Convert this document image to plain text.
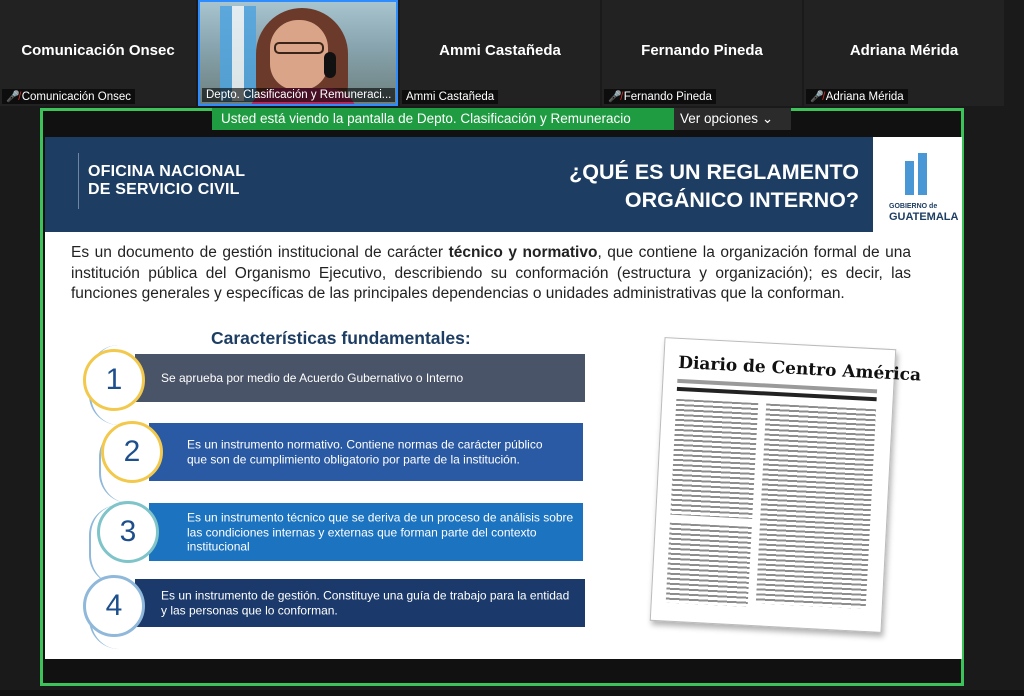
Comunicación Onsec
🎤̸ Comunicación Onsec	Depto. Clasificación y Remuneraci...
Ammi Castañeda
Ammi Castañeda
Fernando Pineda
🎤̸ Fernando Pineda
Adriana Mérida
🎤̸ Adriana Mérida
OFICINA NACIONAL
DE SERVICIO CIVIL
¿QUÉ ES UN REGLAMENTO
ORGÁNICO INTERNO?	GOBIERNO de
GUATEMALA
Es un documento de gestión institucional de carácter técnico y normativo, que contiene la organización formal de una institución pública del Organismo Ejecutivo, describiendo su conformación (estructura y organización); es decir, las funciones generales y específicas de las principales dependencias o unidades administrativas que la conforman.
Características fundamentales:
Se aprueba por medio de Acuerdo Gubernativo o Interno
1
Es un instrumento normativo. Contiene normas de carácter público que son de cumplimiento obligatorio por parte de la institución.
2
Es un instrumento técnico que se deriva de un proceso de análisis sobre las condiciones internas y externas que forman parte del contexto institucional
3
Es un instrumento de gestión. Constituye una guía de trabajo para la entidad y las personas que lo conforman.
4
Diario de Centro América
Usted está viendo la pantalla de Depto. Clasificación y Remuneracio	Ver opciones ⌄
